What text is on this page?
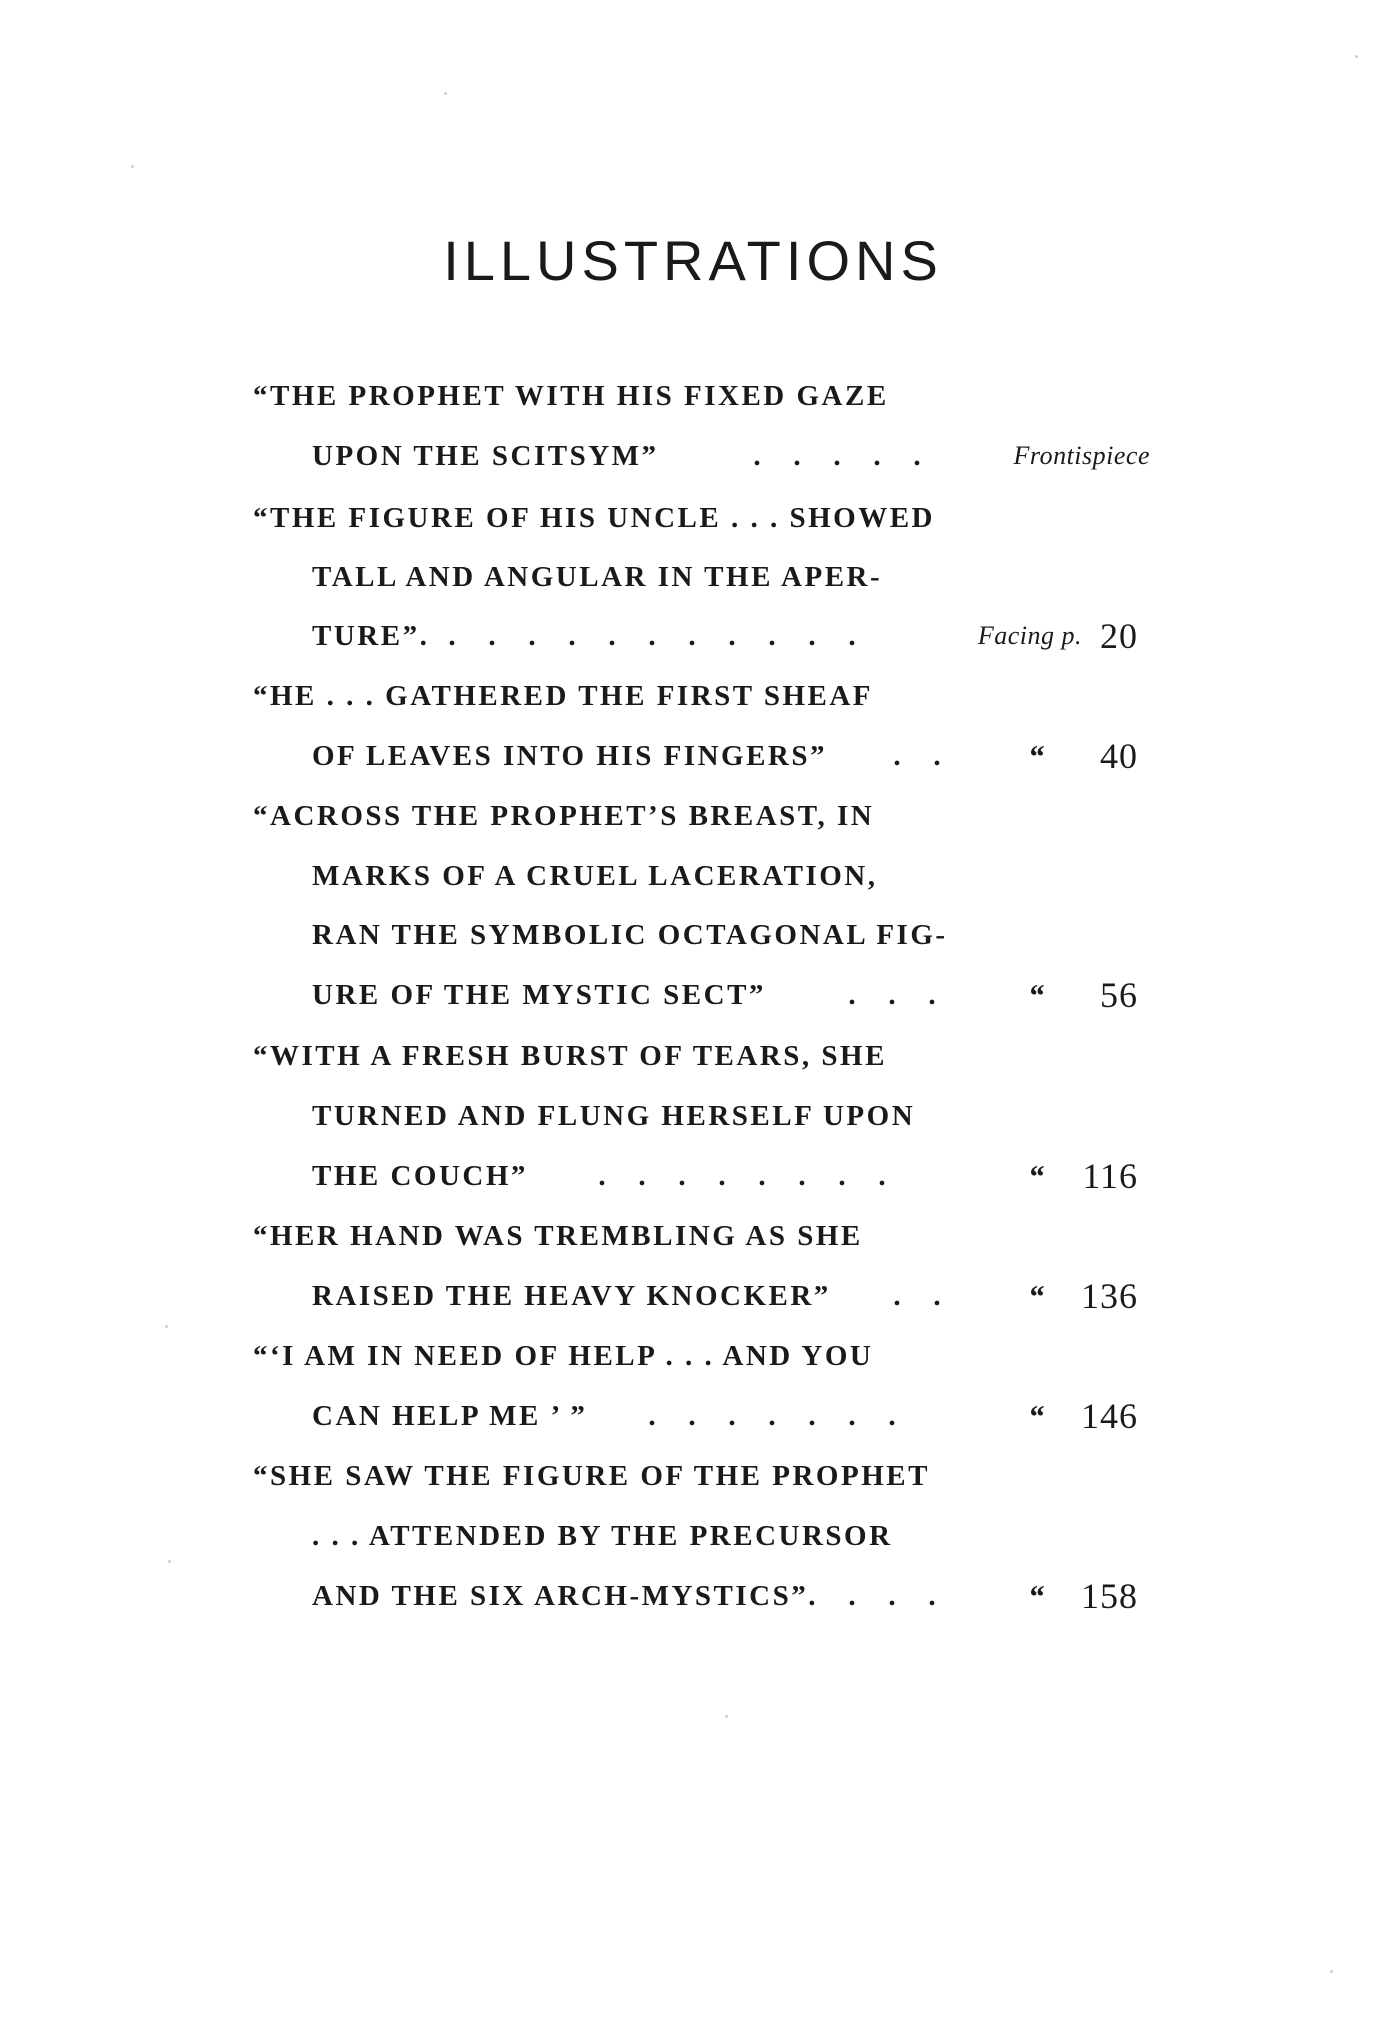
ILLUSTRATIONS
“THE PROPHET WITH HIS FIXED GAZE
UPON THE SCITSYM”	. . . . .	Frontispiece
“THE FIGURE OF HIS UNCLE . . . SHOWED
TALL AND ANGULAR IN THE APER-
TURE”. . . . . . . . . . . .	Facing p. 20
“HE . . . GATHERED THE FIRST SHEAF
OF LEAVES INTO HIS FINGERS”	. .	“	40
“ACROSS THE PROPHET’S BREAST, IN
MARKS OF A CRUEL LACERATION,
RAN THE SYMBOLIC OCTAGONAL FIG-
URE OF THE MYSTIC SECT”	. . .	“	56
“WITH A FRESH BURST OF TEARS, SHE
TURNED AND FLUNG HERSELF UPON
THE COUCH”	. . . . . . . .	“ 116
“HER HAND WAS TREMBLING AS SHE
RAISED THE HEAVY KNOCKER”	. .	“ 136
“‘I AM IN NEED OF HELP . . . AND YOU
CAN HELP ME ’ ”	. . . . . . .	“ 146
“SHE SAW THE FIGURE OF THE PROPHET
. . . ATTENDED BY THE PRECURSOR
AND THE SIX ARCH-MYSTICS”.	. . .	“ 158
